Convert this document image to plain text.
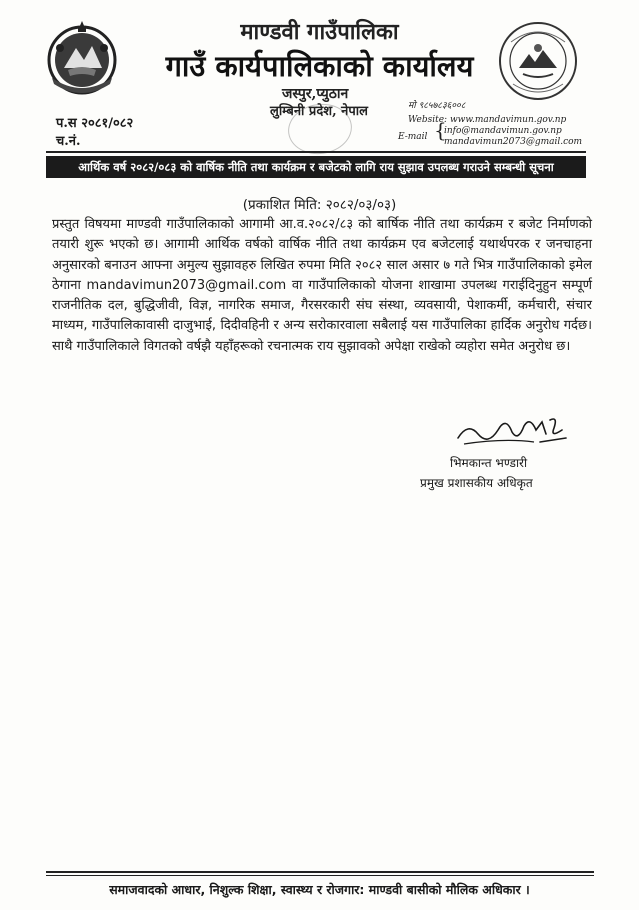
माण्डवी गाउँपालिका
गाउँ कार्यपालिकाको कार्यालय
जस्पुर,प्युठान
लुम्बिनी प्रदेश, नेपाल

प.स २०८१/०८२
च.नं.
मो ९८५७८३६००८
Website: www.mandavimun.gov.np
E-mail {
info@mandavimun.gov.np
mandavimun2073@gmail.com
आर्थिक वर्ष २०८२/०८३ को वार्षिक नीति तथा कार्यक्रम र बजेटको लागि राय सुझाव उपलब्ध गराउने सम्बन्धी सूचना
(प्रकाशित मिति: २०८२/०३/०३)
प्रस्तुत विषयमा माण्डवी गाउँपालिकाको आगामी आ.व.२०८२/८३ को बार्षिक नीति तथा कार्यक्रम र बजेट निर्माणको तयारी शुरू भएको छ। आगामी आर्थिक वर्षको वार्षिक नीति तथा कार्यक्रम एव बजेटलाई यथार्थपरक र जनचाहना अनुसारको बनाउन आफ्ना अमुल्य सुझावहरु लिखित रुपमा मिति २०८२ साल असार ७ गते भित्र गाउँपालिकाको इमेल ठेगाना mandavimun2073@gmail.com वा गाउँपालिकाको योजना शाखामा उपलब्ध गराईदिनुहुन सम्पूर्ण राजनीतिक दल, बुद्धिजीवी, विज्ञ, नागरिक समाज, गैरसरकारी संघ संस्था, व्यवसायी, पेशाकर्मी, कर्मचारी, संचार माध्यम, गाउँपालिकावासी दाजुभाई, दिदीवहिनी र अन्य सरोकारवाला सबैलाई यस गाउँपालिका हार्दिक अनुरोध गर्दछ। साथै गाउँपालिकाले विगतको वर्षझै यहाँहरूको रचनात्मक राय सुझावको अपेक्षा राखेको व्यहोरा समेत अनुरोध छ।
भिमकान्त भण्डारी
प्रमुख प्रशासकीय अधिकृत
समाजवादको आधार, निशुल्क शिक्षा, स्वास्थ्य र रोजगार: माण्डवी बासीको मौलिक अधिकार ।
